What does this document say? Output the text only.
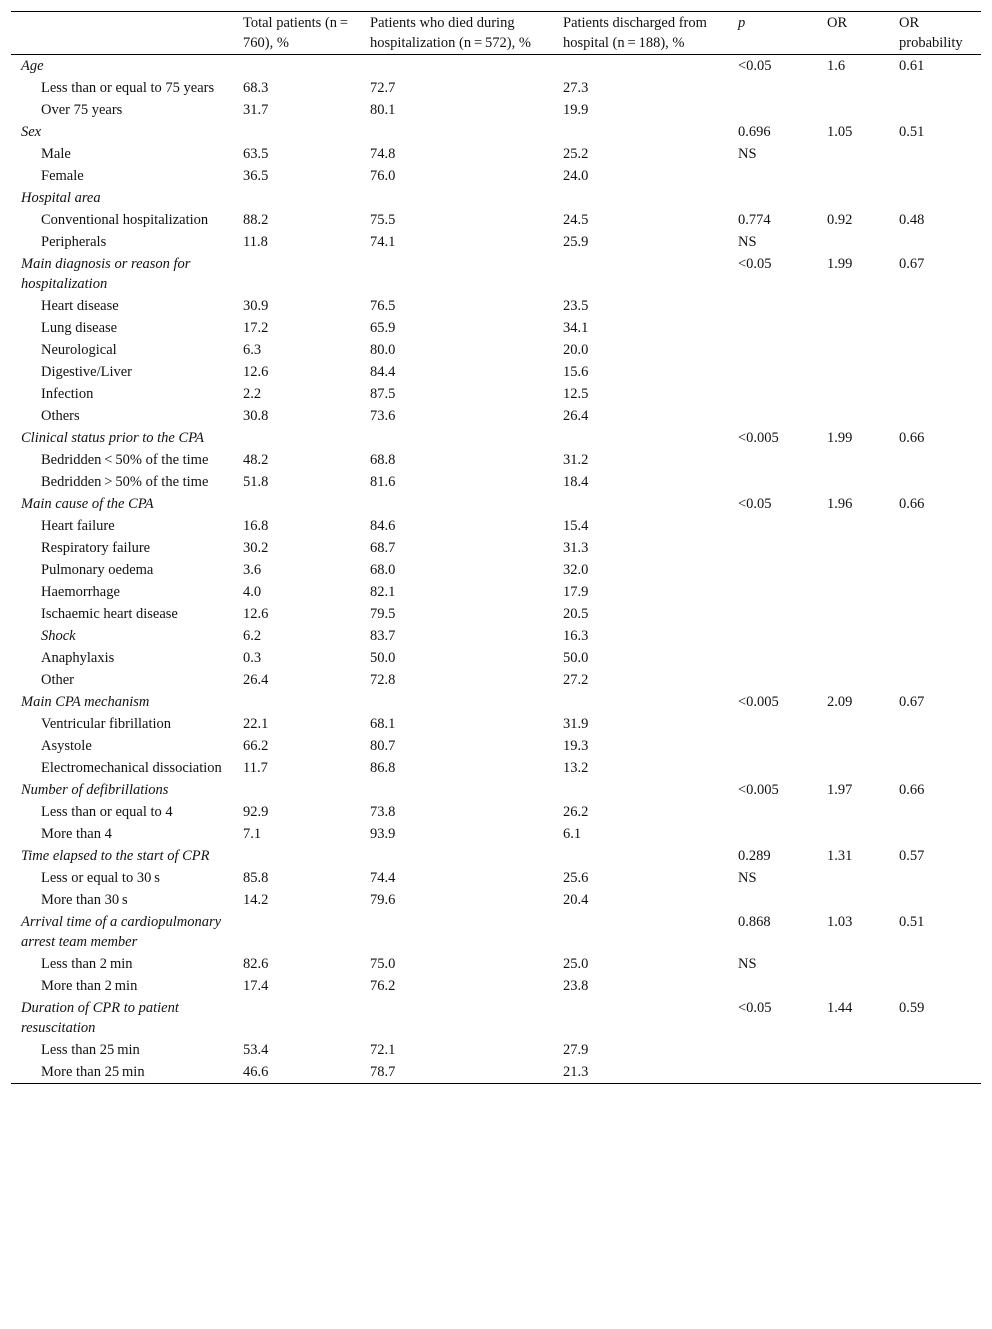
	Total patients (n = 760), %	Patients who died during hospitalization (n = 572), %	Patients discharged from hospital (n = 188), %	p	OR	OR probability
Age				<0.05	1.6	0.61
Less than or equal to 75 years	68.3	72.7	27.3			
Over 75 years	31.7	80.1	19.9			
Sex				0.696	1.05	0.51
Male	63.5	74.8	25.2	NS		
Female	36.5	76.0	24.0			
Hospital area						
Conventional hospitalization	88.2	75.5	24.5	0.774	0.92	0.48
Peripherals	11.8	74.1	25.9	NS		
Main diagnosis or reason for hospitalization				<0.05	1.99	0.67
Heart disease	30.9	76.5	23.5			
Lung disease	17.2	65.9	34.1			
Neurological	6.3	80.0	20.0			
Digestive/Liver	12.6	84.4	15.6			
Infection	2.2	87.5	12.5			
Others	30.8	73.6	26.4			
Clinical status prior to the CPA				<0.005	1.99	0.66
Bedridden < 50% of the time	48.2	68.8	31.2			
Bedridden > 50% of the time	51.8	81.6	18.4			
Main cause of the CPA				<0.05	1.96	0.66
Heart failure	16.8	84.6	15.4			
Respiratory failure	30.2	68.7	31.3			
Pulmonary oedema	3.6	68.0	32.0			
Haemorrhage	4.0	82.1	17.9			
Ischaemic heart disease	12.6	79.5	20.5			
Shock	6.2	83.7	16.3			
Anaphylaxis	0.3	50.0	50.0			
Other	26.4	72.8	27.2			
Main CPA mechanism				<0.005	2.09	0.67
Ventricular fibrillation	22.1	68.1	31.9			
Asystole	66.2	80.7	19.3			
Electromechanical dissociation	11.7	86.8	13.2			
Number of defibrillations				<0.005	1.97	0.66
Less than or equal to 4	92.9	73.8	26.2			
More than 4	7.1	93.9	6.1			
Time elapsed to the start of CPR				0.289	1.31	0.57
Less or equal to 30 s	85.8	74.4	25.6	NS		
More than 30 s	14.2	79.6	20.4			
Arrival time of a cardiopulmonary arrest team member				0.868	1.03	0.51
Less than 2 min	82.6	75.0	25.0	NS		
More than 2 min	17.4	76.2	23.8			
Duration of CPR to patient resuscitation				<0.05	1.44	0.59
Less than 25 min	53.4	72.1	27.9			
More than 25 min	46.6	78.7	21.3			
